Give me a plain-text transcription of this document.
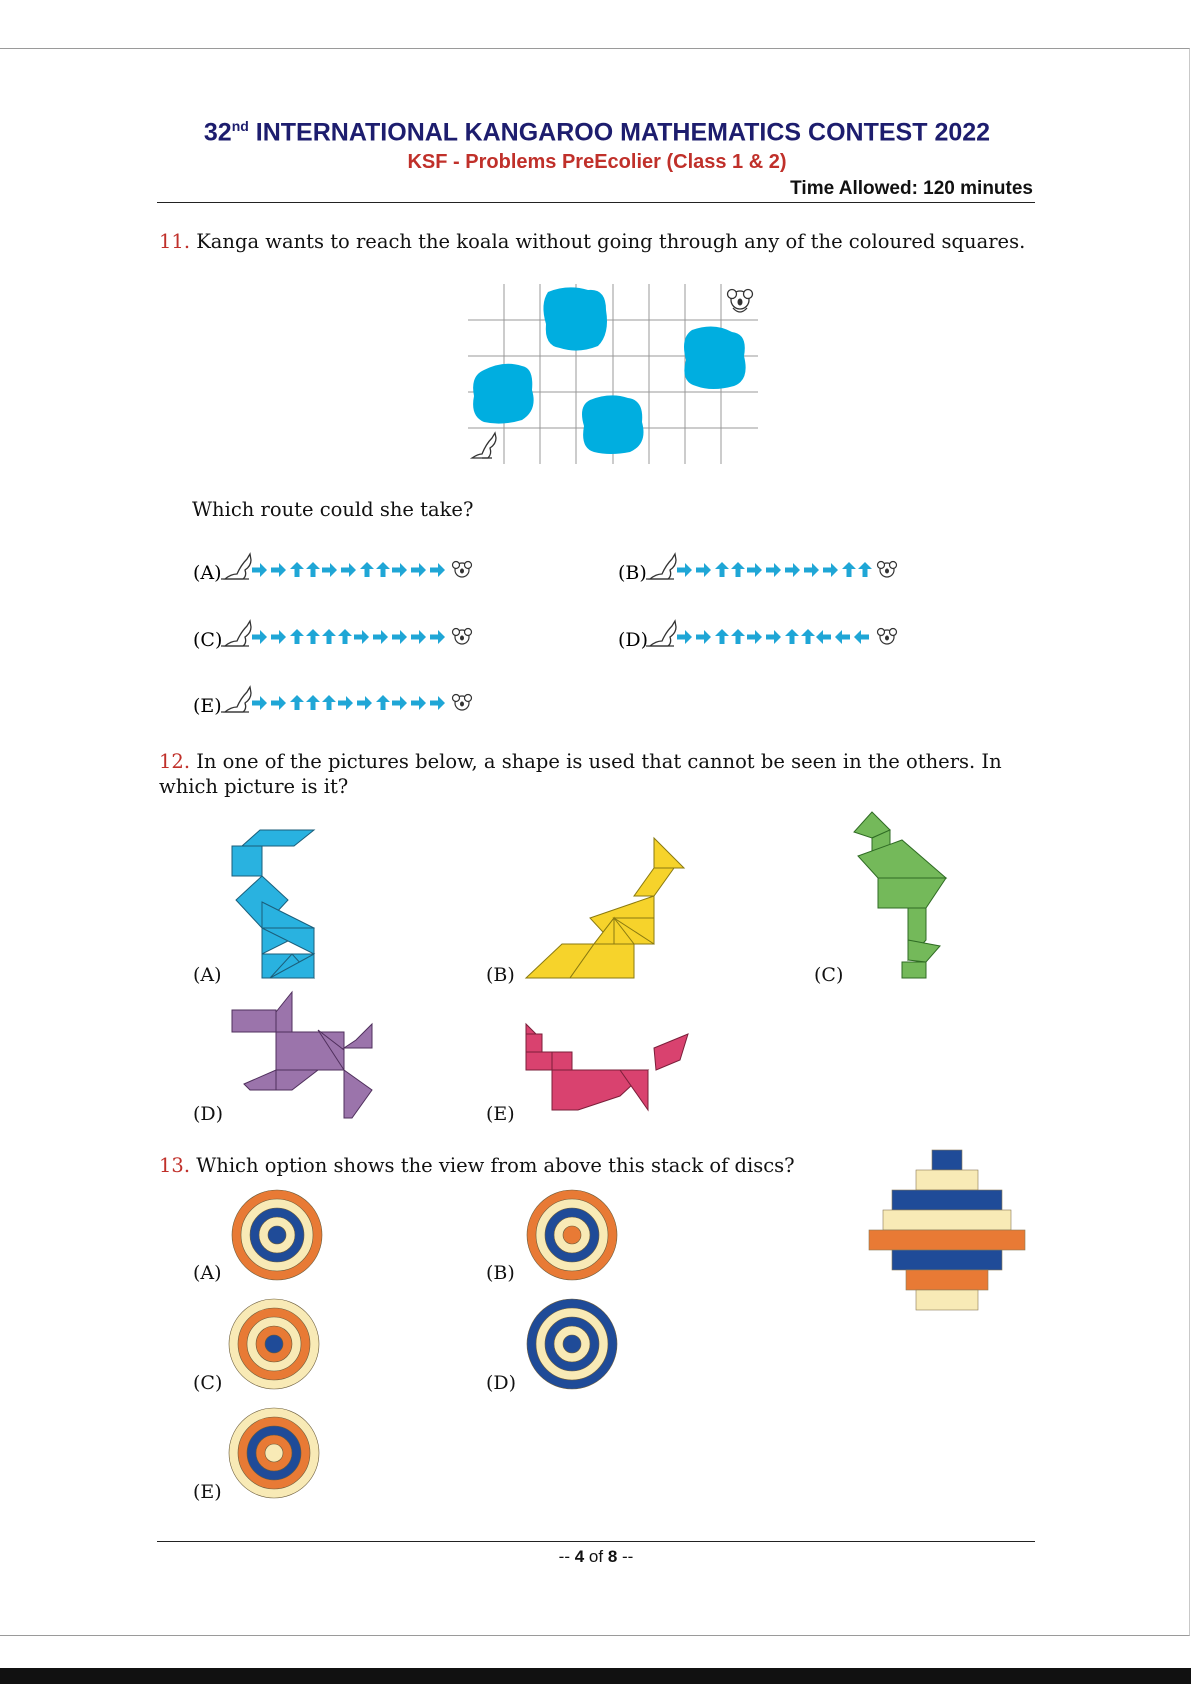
32nd INTERNATIONAL KANGAROO MATHEMATICS CONTEST 2022
KSF - Problems PreEcolier (Class 1 & 2)
Time Allowed: 120 minutes
11. Kanga wants to reach the koala without going through any of the coloured squares.
Which route could she take?
(A)	(B)
(C)	(D)
(E)
12. In one of the pictures below, a shape is used that cannot be seen in the others. In which picture is it?
(A)	(B)	(C)
(D)	(E)
13. Which option shows the view from above this stack of discs?
(A)	(B)
(C)	(D)
(E)
-- 4 of 8 --
